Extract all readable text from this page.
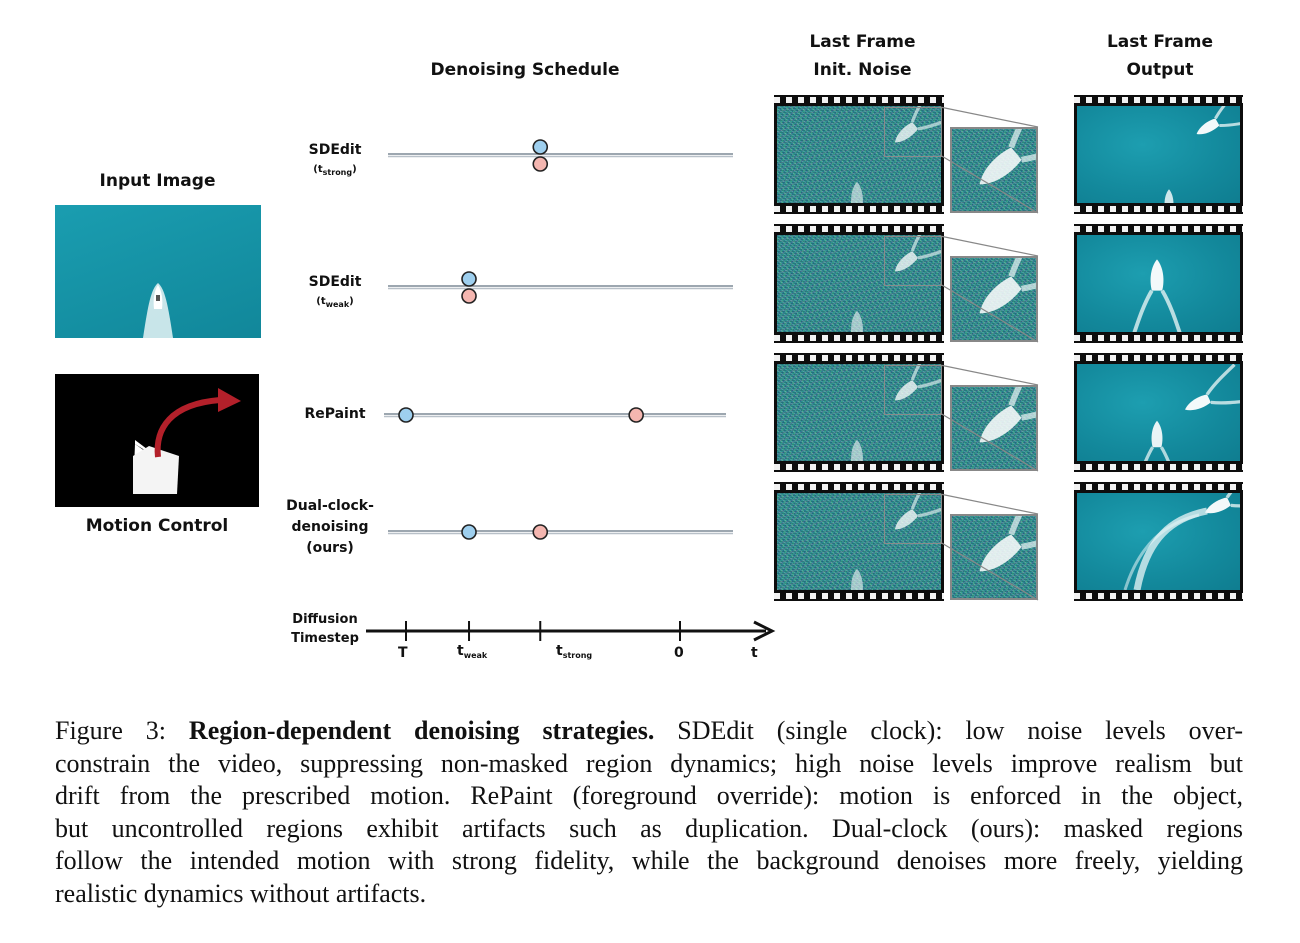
Input Image
Denoising Schedule
Last Frame
Init. Noise
Last Frame
Output
Motion Control
SDEdit
$(t_{strong})$
SDEdit
$(t_{weak})$
RePaint
Dual-clock-
denoising
(ours)
Diffusion
Timestep
T	$t_{weak}$	$t_{strong}$	0	t
Figure 3: Region-dependent denoising strategies. SDEdit (single clock): low noise levels over-
constrain the video, suppressing non-masked region dynamics; high noise levels improve realism but
drift from the prescribed motion. RePaint (foreground override): motion is enforced in the object,
but uncontrolled regions exhibit artifacts such as duplication. Dual-clock (ours): masked regions
follow the intended motion with strong fidelity, while the background denoises more freely, yielding
realistic dynamics without artifacts.
